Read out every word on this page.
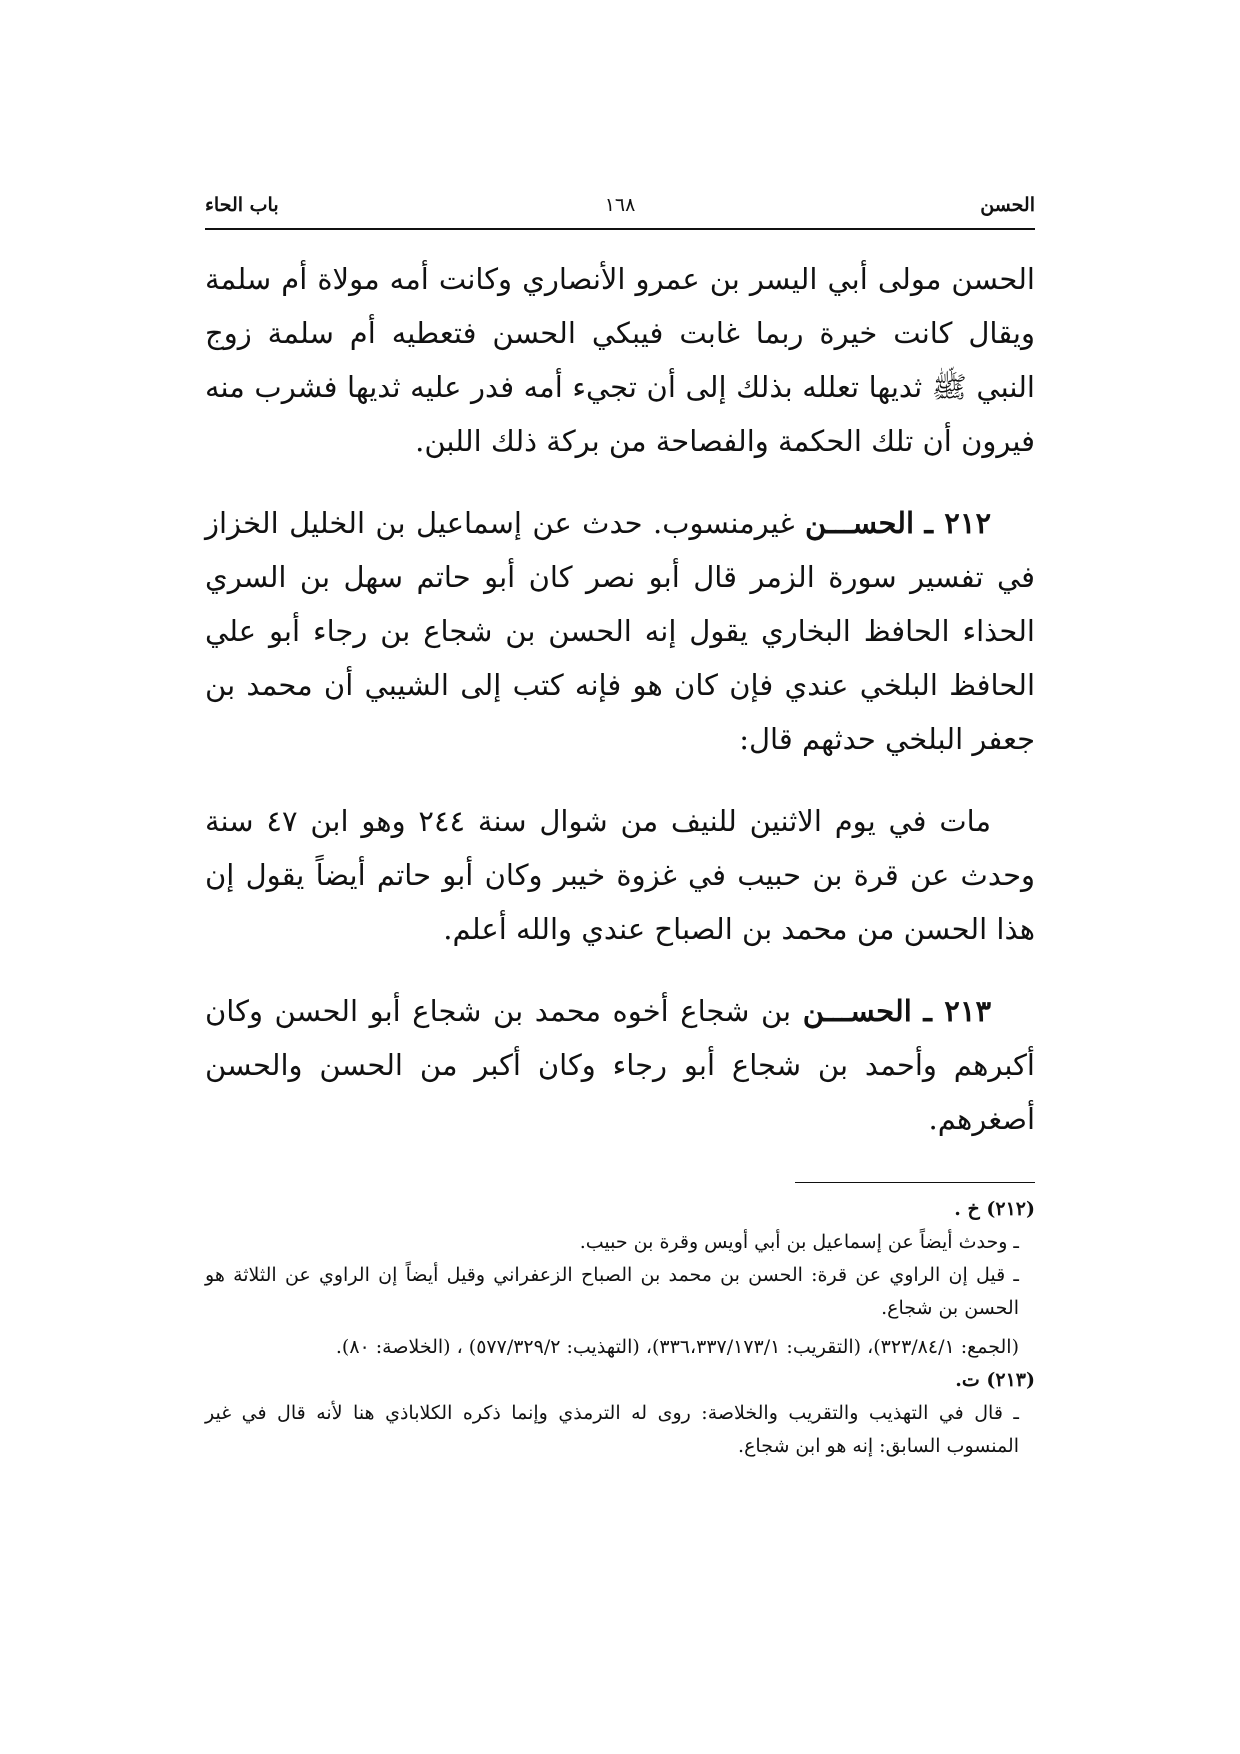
الحسن
١٦٨
باب الحاء

الحسن مولى أبي اليسر بن عمرو الأنصاري وكانت أمه مولاة أم سلمة ويقال كانت خيرة ربما غابت فيبكي الحسن فتعطيه أم سلمة زوج النبي ﷺ ثديها تعلله بذلك إلى أن تجيء أمه فدر عليه ثديها فشرب منه فيرون أن تلك الحكمة والفصاحة من بركة ذلك اللبن.

٢١٢ ـ الحســـن غيرمنسوب. حدث عن إسماعيل بن الخليل الخزاز في تفسير سورة الزمر قال أبو نصر كان أبو حاتم سهل بن السري الحذاء الحافظ البخاري يقول إنه الحسن بن شجاع بن رجاء أبو علي الحافظ البلخي عندي فإن كان هو فإنه كتب إلى الشيبي أن محمد بن جعفر البلخي حدثهم قال:

مات في يوم الاثنين للنيف من شوال سنة ٢٤٤ وهو ابن ٤٧ سنة وحدث عن قرة بن حبيب في غزوة خيبر وكان أبو حاتم أيضاً يقول إن هذا الحسن من محمد بن الصباح عندي والله أعلم.

٢١٣ ـ الحســـن بن شجاع أخوه محمد بن شجاع أبو الحسن وكان أكبرهم وأحمد بن شجاع أبو رجاء وكان أكبر من الحسن والحسن أصغرهم.

(٢١٢) خ .

ـ وحدث أيضاً عن إسماعيل بن أبي أويس وقرة بن حبيب.

ـ قيل إن الراوي عن قرة: الحسن بن محمد بن الصباح الزعفراني وقيل أيضاً إن الراوي عن الثلاثة هو الحسن بن شجاع.

(الجمع: ٣٢٣/٨٤/١)، (التقريب: ٣٣٦،٣٣٧/١٧٣/١)، (التهذيب: ٥٧٧/٣٢٩/٢) ، (الخلاصة: ٨٠).

(٢١٣) ت.

ـ قال في التهذيب والتقريب والخلاصة: روى له الترمذي وإنما ذكره الكلاباذي هنا لأنه قال في غير المنسوب السابق: إنه هو ابن شجاع.
